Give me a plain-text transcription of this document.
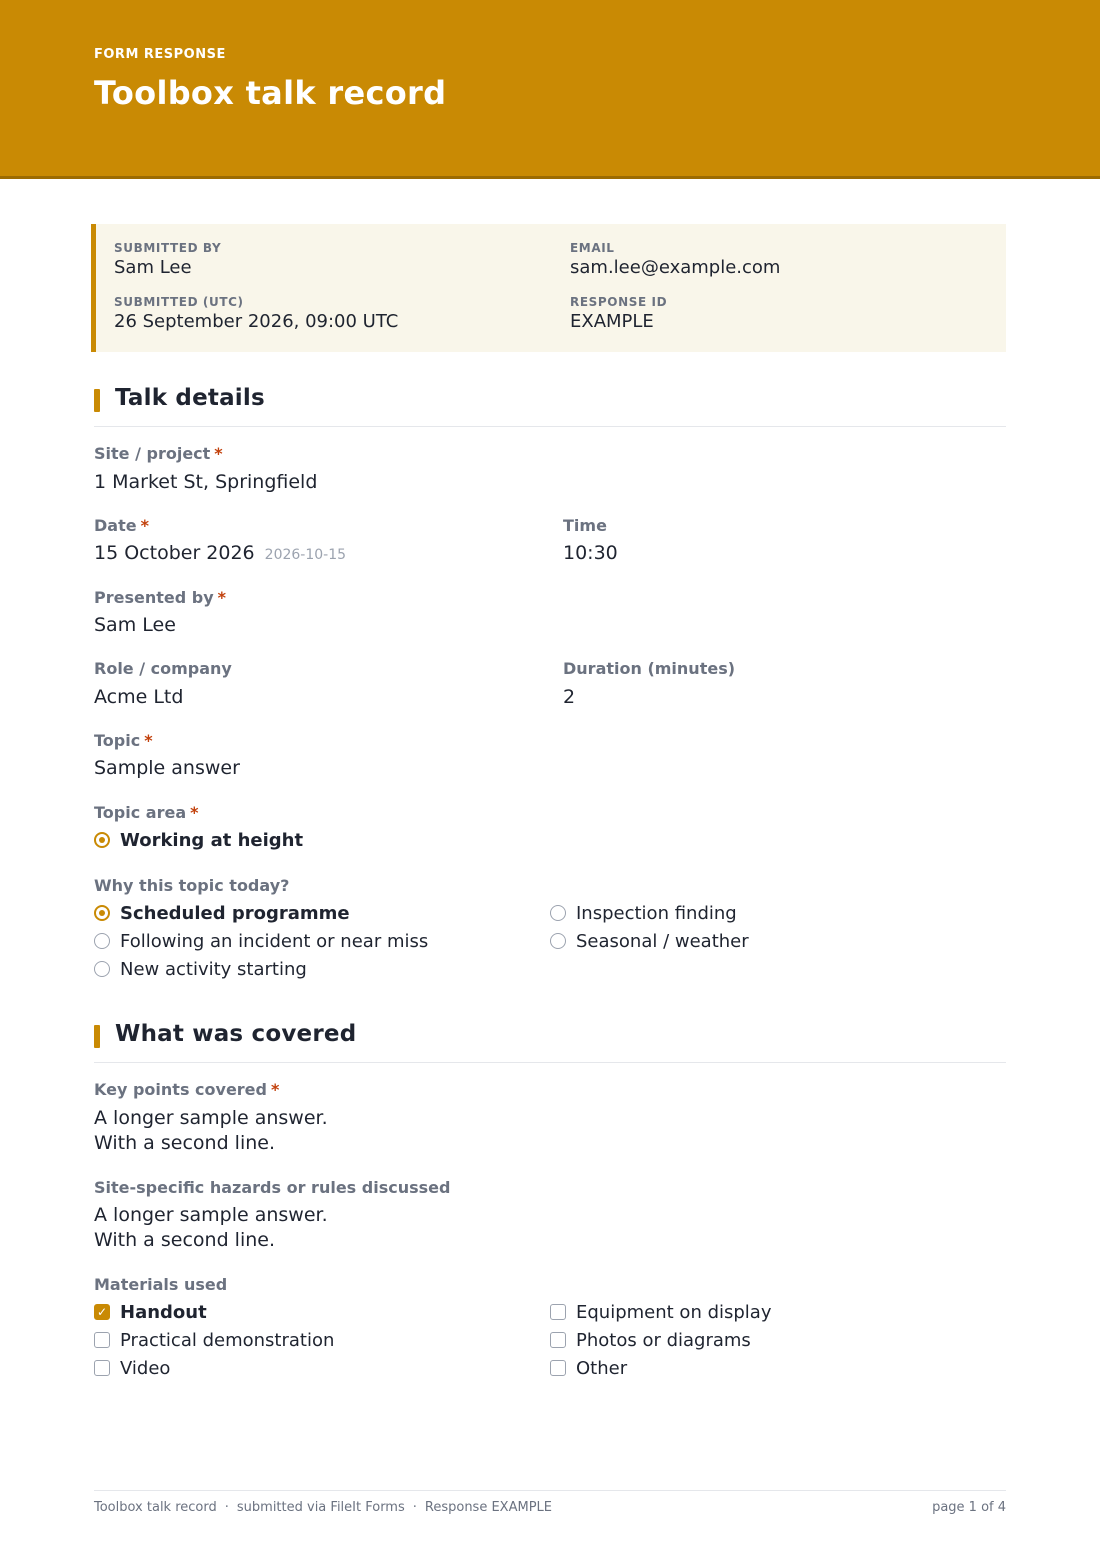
FORM RESPONSE
Toolbox talk record
SUBMITTED BY
Sam Lee
EMAIL
sam.lee@example.com
SUBMITTED (UTC)
26 September 2026, 09:00 UTC
RESPONSE ID
EXAMPLE
Talk details
Site / project *
1 Market St, Springfield
Date *
15 October 2026 2026-10-15
Time
10:30
Presented by *
Sam Lee
Role / company
Acme Ltd
Duration (minutes)
2
Topic *
Sample answer
Topic area *
Working at height
Why this topic today?
Scheduled programme
Following an incident or near miss
New activity starting
Inspection finding
Seasonal / weather
What was covered
Key points covered *
A longer sample answer.
With a second line.
Site-specific hazards or rules discussed
A longer sample answer.
With a second line.
Materials used
✓ Handout
Practical demonstration
Video
Equipment on display
Photos or diagrams
Other
Toolbox talk record · submitted via FileIt Forms · Response EXAMPLE	page 1 of 4
